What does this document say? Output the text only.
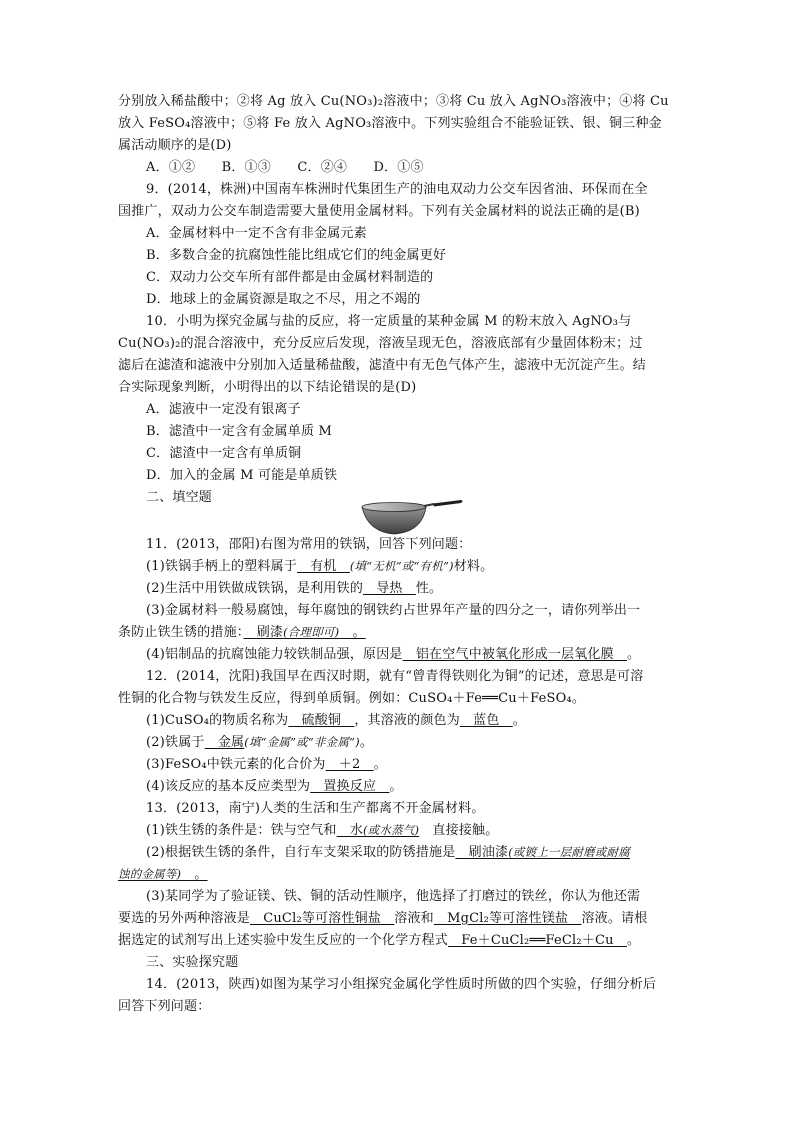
分别放入稀盐酸中；②将 Ag 放入 Cu(NO₃)₂溶液中；③将 Cu 放入 AgNO₃溶液中；④将 Cu
放入 FeSO₄溶液中；⑤将 Fe 放入 AgNO₃溶液中。下列实验组合不能验证铁、银、铜三种金
属活动顺序的是(D)
A．①②　　B．①③　　C．②④　　D．①⑤
9．(2014，株洲)中国南车株洲时代集团生产的油电双动力公交车因省油、环保而在全
国推广，双动力公交车制造需要大量使用金属材料。下列有关金属材料的说法正确的是(B)
A．金属材料中一定不含有非金属元素
B．多数合金的抗腐蚀性能比组成它们的纯金属更好
C．双动力公交车所有部件都是由金属材料制造的
D．地球上的金属资源是取之不尽，用之不竭的
10．小明为探究金属与盐的反应，将一定质量的某种金属 M 的粉末放入 AgNO₃与
Cu(NO₃)₂的混合溶液中，充分反应后发现，溶液呈现无色，溶液底部有少量固体粉末；过
滤后在滤渣和滤液中分别加入适量稀盐酸，滤渣中有无色气体产生，滤液中无沉淀产生。结
合实际现象判断，小明得出的以下结论错误的是(D)
A．滤液中一定没有银离子
B．滤渣中一定含有金属单质 M
C．滤渣中一定含有单质铜
D．加入的金属 M 可能是单质铁
二、填空题
11．(2013，邵阳)右图为常用的铁锅，回答下列问题：
(1)铁锅手柄上的塑料属于　有机　(填“无机”或“有机”)材料。
(2)生活中用铁做成铁锅，是利用铁的　导热　性。
(3)金属材料一般易腐蚀，每年腐蚀的钢铁约占世界年产量的四分之一，请你列举出一
条防止铁生锈的措施：　刷漆(合理即可)　。
(4)铝制品的抗腐蚀能力较铁制品强，原因是　铝在空气中被氧化形成一层氧化膜　。
12．(2014，沈阳)我国早在西汉时期，就有“曾青得铁则化为铜”的记述，意思是可溶
性铜的化合物与铁发生反应，得到单质铜。例如：CuSO₄＋Fe══Cu＋FeSO₄。
(1)CuSO₄的物质名称为　硫酸铜　，其溶液的颜色为　蓝色　。
(2)铁属于　金属(填“金属”或“非金属”)。
(3)FeSO₄中铁元素的化合价为　＋2　。
(4)该反应的基本反应类型为　置换反应　。
13．(2013，南宁)人类的生活和生产都离不开金属材料。
(1)铁生锈的条件是：铁与空气和　水(或水蒸气)　直接接触。
(2)根据铁生锈的条件，自行车支架采取的防锈措施是　刷油漆(或镀上一层耐磨或耐腐
蚀的金属等)　。
(3)某同学为了验证镁、铁、铜的活动性顺序，他选择了打磨过的铁丝，你认为他还需
要选的另外两种溶液是　CuCl₂等可溶性铜盐　溶液和　MgCl₂等可溶性镁盐　溶液。请根
据选定的试剂写出上述实验中发生反应的一个化学方程式　Fe＋CuCl₂══FeCl₂＋Cu　。
三、实验探究题
14．(2013，陕西)如图为某学习小组探究金属化学性质时所做的四个实验，仔细分析后
回答下列问题：
